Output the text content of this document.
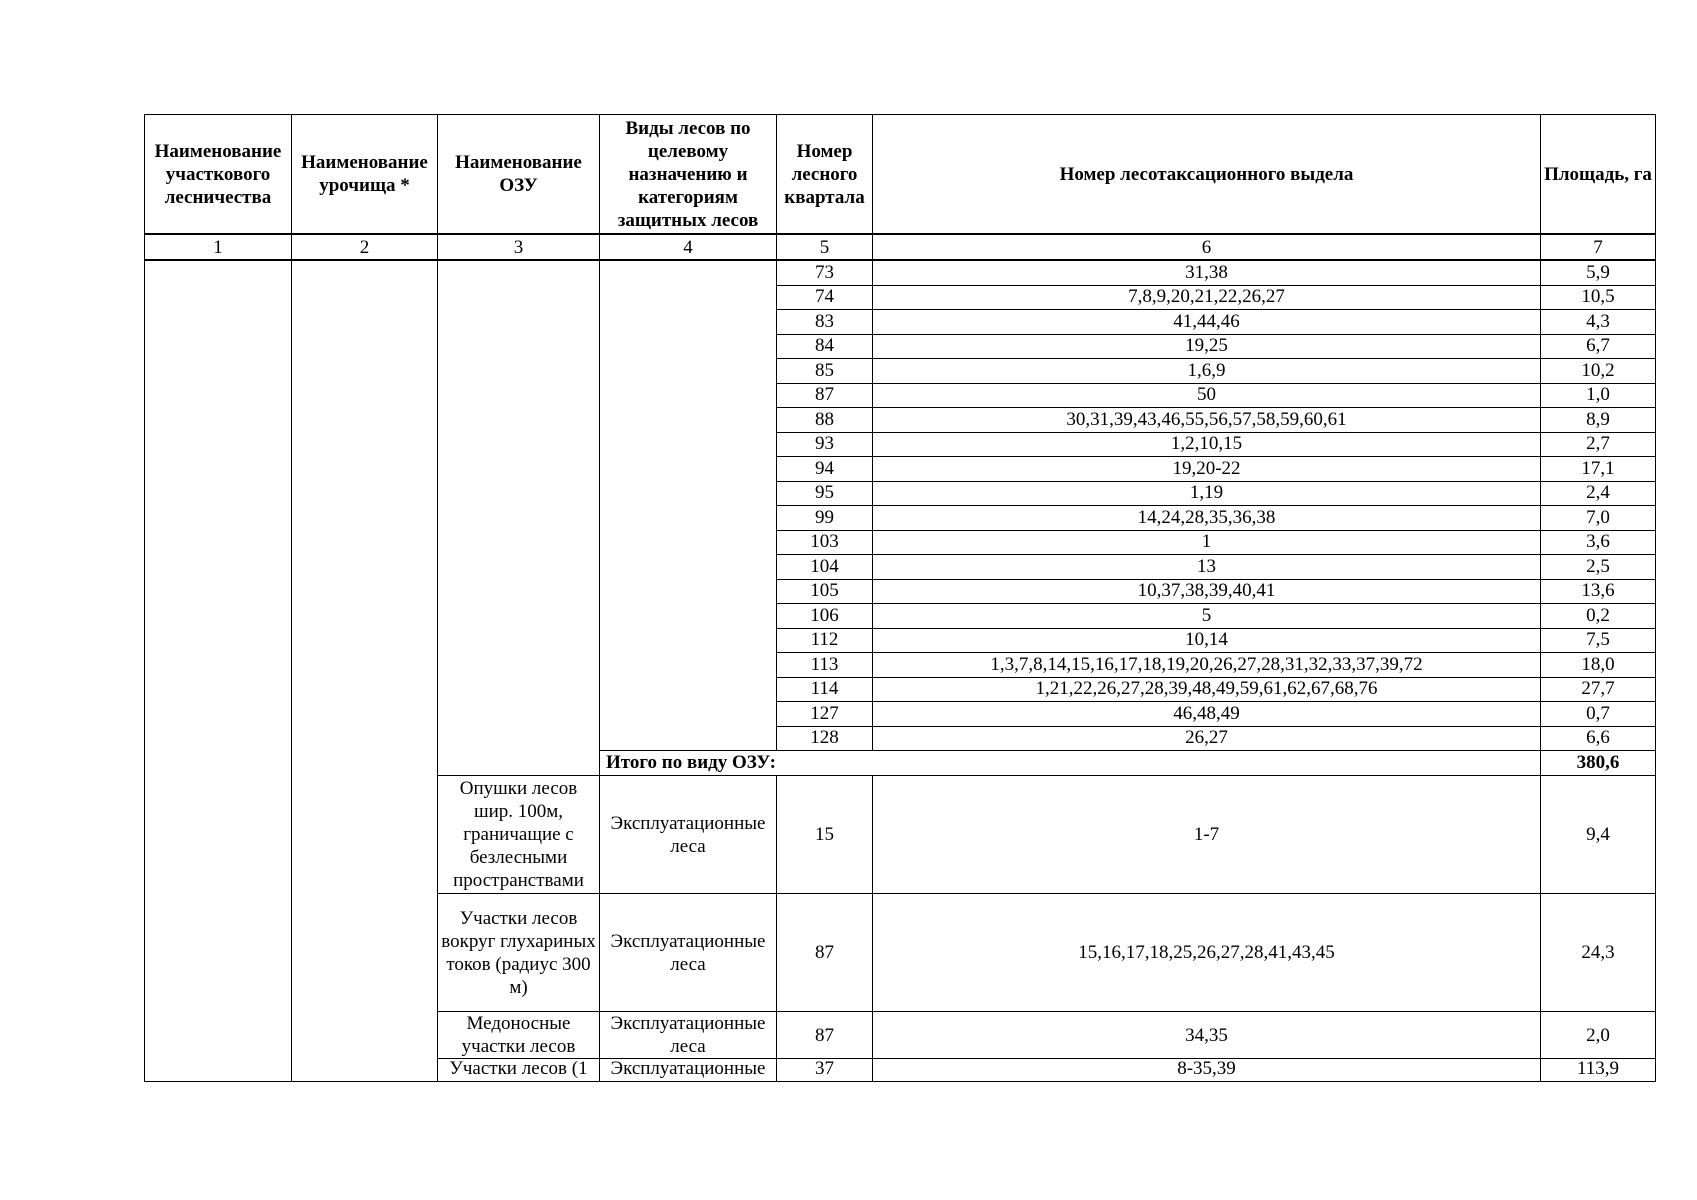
Наименование участкового лесничества	Наименование урочища *	Наименование ОЗУ	Виды лесов по целевому назначению и категориям защитных лесов	Номер лесного квартала	Номер лесотаксационного выдела	Площадь, га
1	2	3	4	5	6	7
				73	31,38	5,9
				74	7,8,9,20,21,22,26,27	10,5
				83	41,44,46	4,3
				84	19,25	6,7
				85	1,6,9	10,2
				87	50	1,0
				88	30,31,39,43,46,55,56,57,58,59,60,61	8,9
				93	1,2,10,15	2,7
				94	19,20-22	17,1
				95	1,19	2,4
				99	14,24,28,35,36,38	7,0
				103	1	3,6
				104	13	2,5
				105	10,37,38,39,40,41	13,6
				106	5	0,2
				112	10,14	7,5
				113	1,3,7,8,14,15,16,17,18,19,20,26,27,28,31,32,33,37,39,72	18,0
				114	1,21,22,26,27,28,39,48,49,59,61,62,67,68,76	27,7
				127	46,48,49	0,7
				128	26,27	6,6
			Итого по виду ОЗУ:			380,6
		Опушки лесов шир. 100м, граничащие с безлесными пространствами	Эксплуатационные леса	15	1-7	9,4
		Участки лесов вокруг глухариных токов (радиус 300 м)	Эксплуатационные леса	87	15,16,17,18,25,26,27,28,41,43,45	24,3
		Медоносные участки лесов	Эксплуатационные леса	87	34,35	2,0
		Участки лесов (1	Эксплуатационные	37	8-35,39	113,9
